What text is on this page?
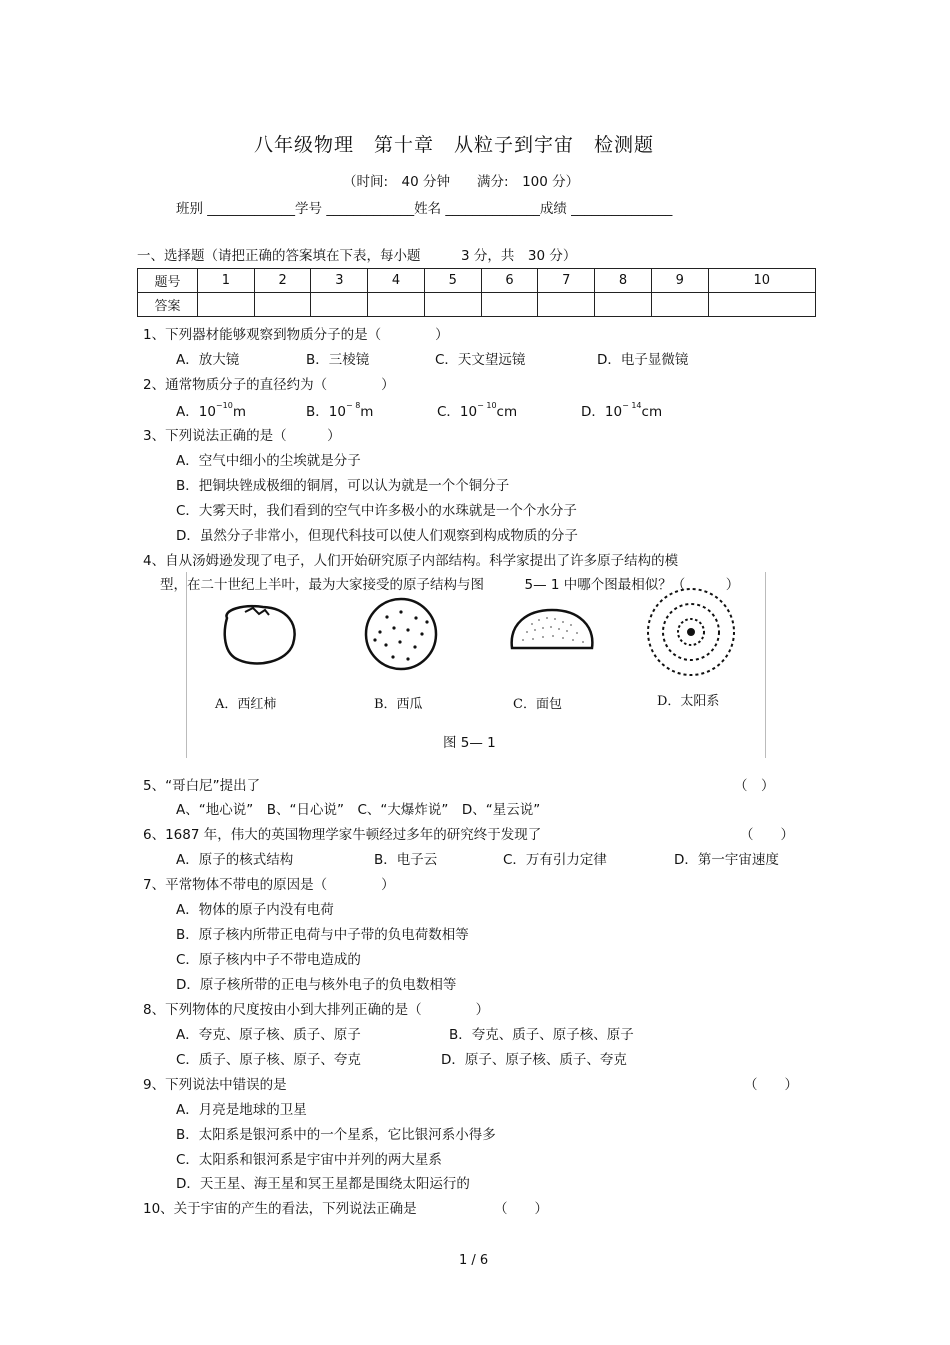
八年级物理　第十章　从粒子到宇宙　检测题
（时间:　40 分钟　　满分:　100 分）
班别 _____________学号 _____________姓名 ______________成绩 _______________
一、选择题（请把正确的答案填在下表，每小题　　　3 分，共　30 分）
题号	1	2	3	4	5	6	7	8	9	10
答案										
1、下列器材能够观察到物质分子的是（　　　　）
A．放大镜	B．三棱镜	C．天文望远镜	D．电子显微镜
2、通常物质分子的直径约为（　　　　）
A．$10^{-10}m$	B．$10^{- 8}m$	C．$10^{- 10}cm$	D．$10^{- 14}cm$
3、下列说法正确的是（　　　）
A．空气中细小的尘埃就是分子
B．把铜块锉成极细的铜屑，可以认为就是一个个铜分子
C．大雾天时，我们看到的空气中许多极小的水珠就是一个个水分子
D．虽然分子非常小，但现代科技可以使人们观察到构成物质的分子
4、自从汤姆逊发现了电子，人们开始研究原子内部结构。科学家提出了许多原子结构的模
型，在二十世纪上半叶，最为大家接受的原子结构与图　　　5— 1 中哪个图最相似？（　　　）
A．西红柿	B．西瓜	C．面包	D．太阳系
图 5— 1
5、“哥白尼”提出了	（　）
A、“地心说”　B、“日心说”　C、“大爆炸说”　D、“星云说”
6、1687 年，伟大的英国物理学家牛顿经过多年的研究终于发现了	（　　）
A．原子的核式结构	B．电子云	C．万有引力定律	D．第一宇宙速度
7、平常物体不带电的原因是（　　　　）
A．物体的原子内没有电荷
B．原子核内所带正电荷与中子带的负电荷数相等
C．原子核内中子不带电造成的
D．原子核所带的正电与核外电子的负电数相等
8、下列物体的尺度按由小到大排列正确的是（　　　　）
A．夸克、原子核、质子、原子	B．夸克、质子、原子核、原子
C．质子、原子核、原子、夸克	D．原子、原子核、质子、夸克
9、下列说法中错误的是	（　　）
A．月亮是地球的卫星
B．太阳系是银河系中的一个星系，它比银河系小得多
C．太阳系和银河系是宇宙中并列的两大星系
D．天王星、海王星和冥王星都是围绕太阳运行的
10、关于宇宙的产生的看法，下列说法正确是	（　　）
1 / 6
